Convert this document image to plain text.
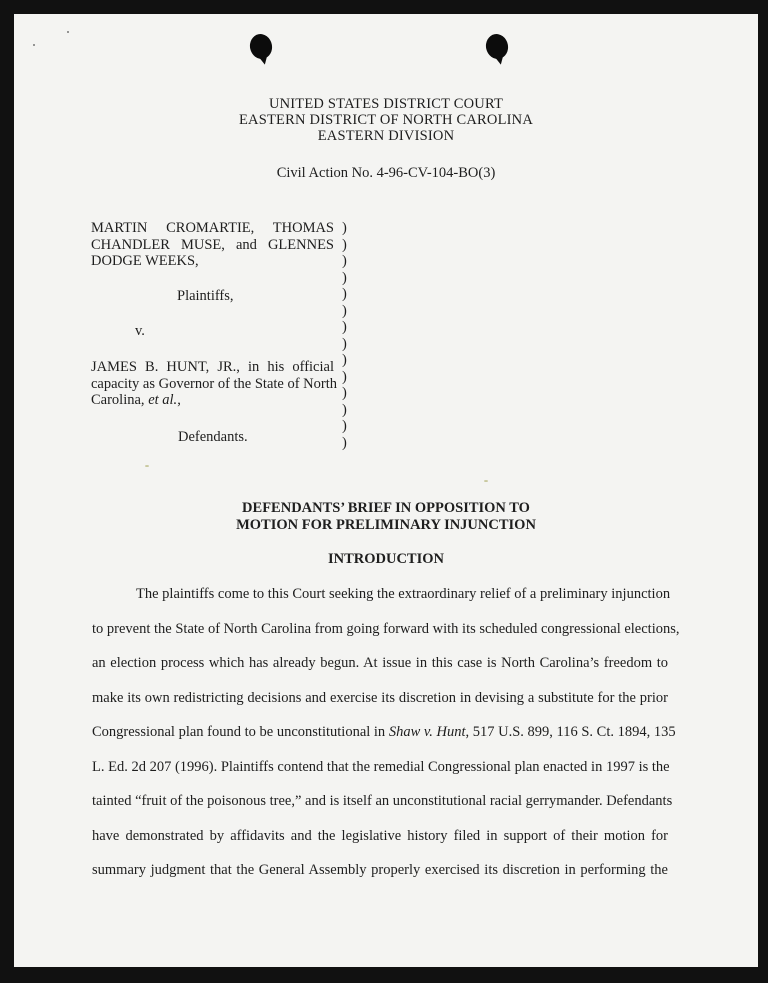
UNITED STATES DISTRICT COURT
EASTERN DISTRICT OF NORTH CAROLINA
EASTERN DIVISION
Civil Action No. 4-96-CV-104-BO(3)
MARTIN CROMARTIE, THOMAS
CHANDLER MUSE, and GLENNES
DODGE WEEKS,
Plaintiffs,
v.
JAMES B. HUNT, JR., in his official
capacity as Governor of the State of North
Carolina, et al.,
Defendants.
)
)
)
)
)
)
)
)
)
)
)
)
)
)
DEFENDANTS’ BRIEF IN OPPOSITION TO
MOTION FOR PRELIMINARY INJUNCTION
INTRODUCTION
The plaintiffs come to this Court seeking the extraordinary relief of a preliminary injunction
to prevent the State of North Carolina from going forward with its scheduled congressional elections,
an election process which has already begun. At issue in this case is North Carolina’s freedom to
make its own redistricting decisions and exercise its discretion in devising a substitute for the prior
Congressional plan found to be unconstitutional in Shaw v. Hunt, 517 U.S. 899, 116 S. Ct. 1894, 135
L. Ed. 2d 207 (1996). Plaintiffs contend that the remedial Congressional plan enacted in 1997 is the
tainted “fruit of the poisonous tree,” and is itself an unconstitutional racial gerrymander. Defendants
have demonstrated by affidavits and the legislative history filed in support of their motion for
summary judgment that the General Assembly properly exercised its discretion in performing the
